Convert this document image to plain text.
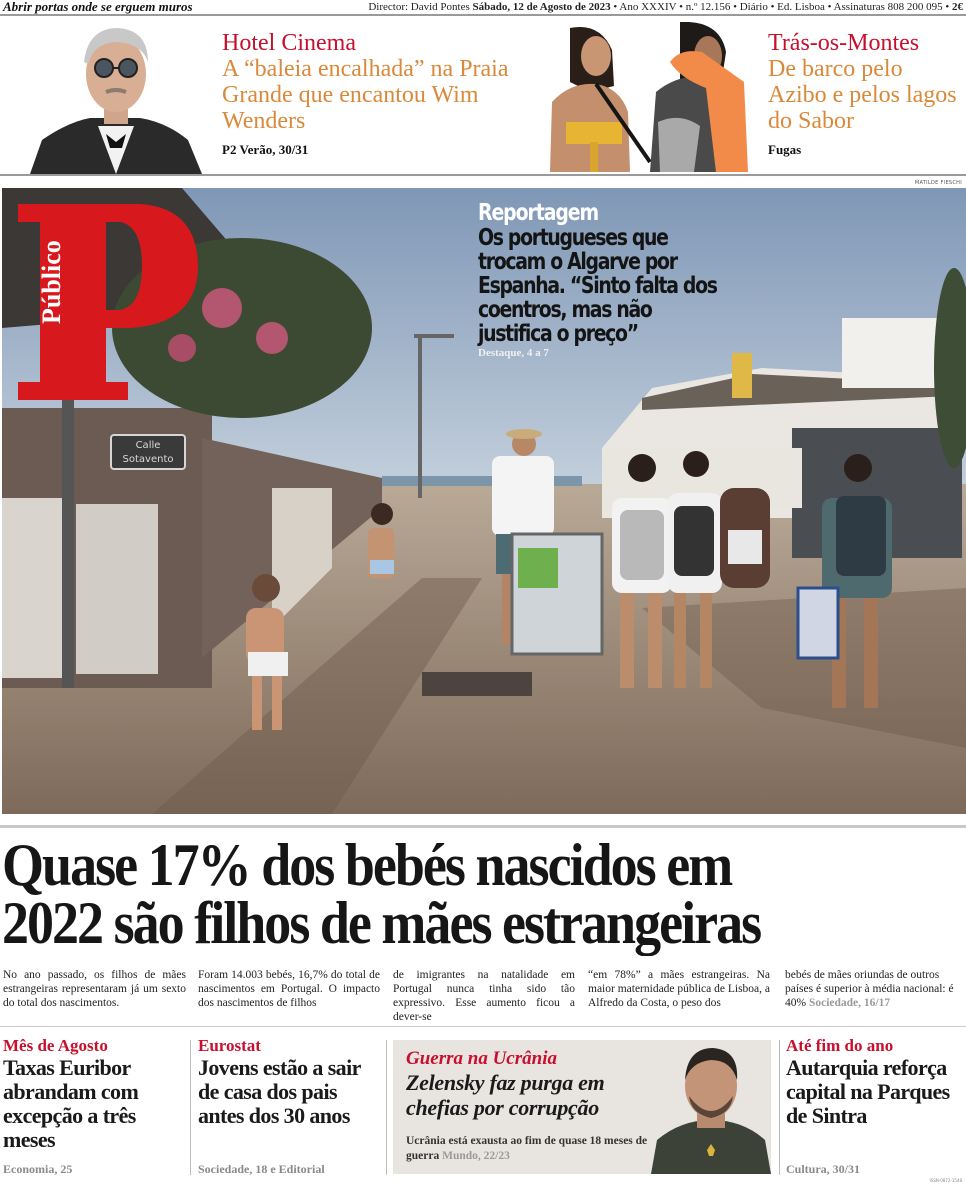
Abrir portas onde se erguem muros	Director: David Pontes Sábado, 12 de Agosto de 2023 • Ano XXXIV • n.º 12.156 • Diário • Ed. Lisboa • Assinaturas 808 200 095 • 2€
Hotel Cinema
A “baleia encalhada” na Praia Grande que encantou Wim Wenders
P2 Verão, 30/31
Trás-os-Montes
De barco pelo Azibo e pelos lagos do Sabor
Fugas
MATILDE FIESCHI
Público
Reportagem
Os portugueses que trocam o Algarve por Espanha. “Sinto falta dos coentros, mas não justifica o preço”
Destaque, 4 a 7
Calle
Sotavento
Quase 17% dos bebés nascidos em
2022 são filhos de mães estrangeiras
No ano passado, os filhos de mães estrangeiras representaram já um sexto do total dos nascimentos.
Foram 14.003 bebés, 16,7% do total de nascimentos em Portugal. O impacto dos nascimentos de filhos
de imigrantes na natalidade em Portugal nunca tinha sido tão expressivo. Esse aumento ficou a dever-se
“em 78%” a mães estrangeiras. Na maior maternidade pública de Lisboa, a Alfredo da Costa, o peso dos
bebés de mães oriundas de outros países é superior à média nacional: é 40% Sociedade, 16/17
Mês de Agosto
Taxas Euribor abrandam com excepção a três meses
Economia, 25
Eurostat
Jovens estão a sair de casa dos pais antes dos 30 anos
Sociedade, 18 e Editorial
Guerra na Ucrânia
Zelensky faz purga em chefias por corrupção
Ucrânia está exausta ao fim de quase 18 meses de guerra Mundo, 22/23
Até fim do ano
Autarquia reforça capital na Parques de Sintra
Cultura, 30/31
ISSN-0872-1548
